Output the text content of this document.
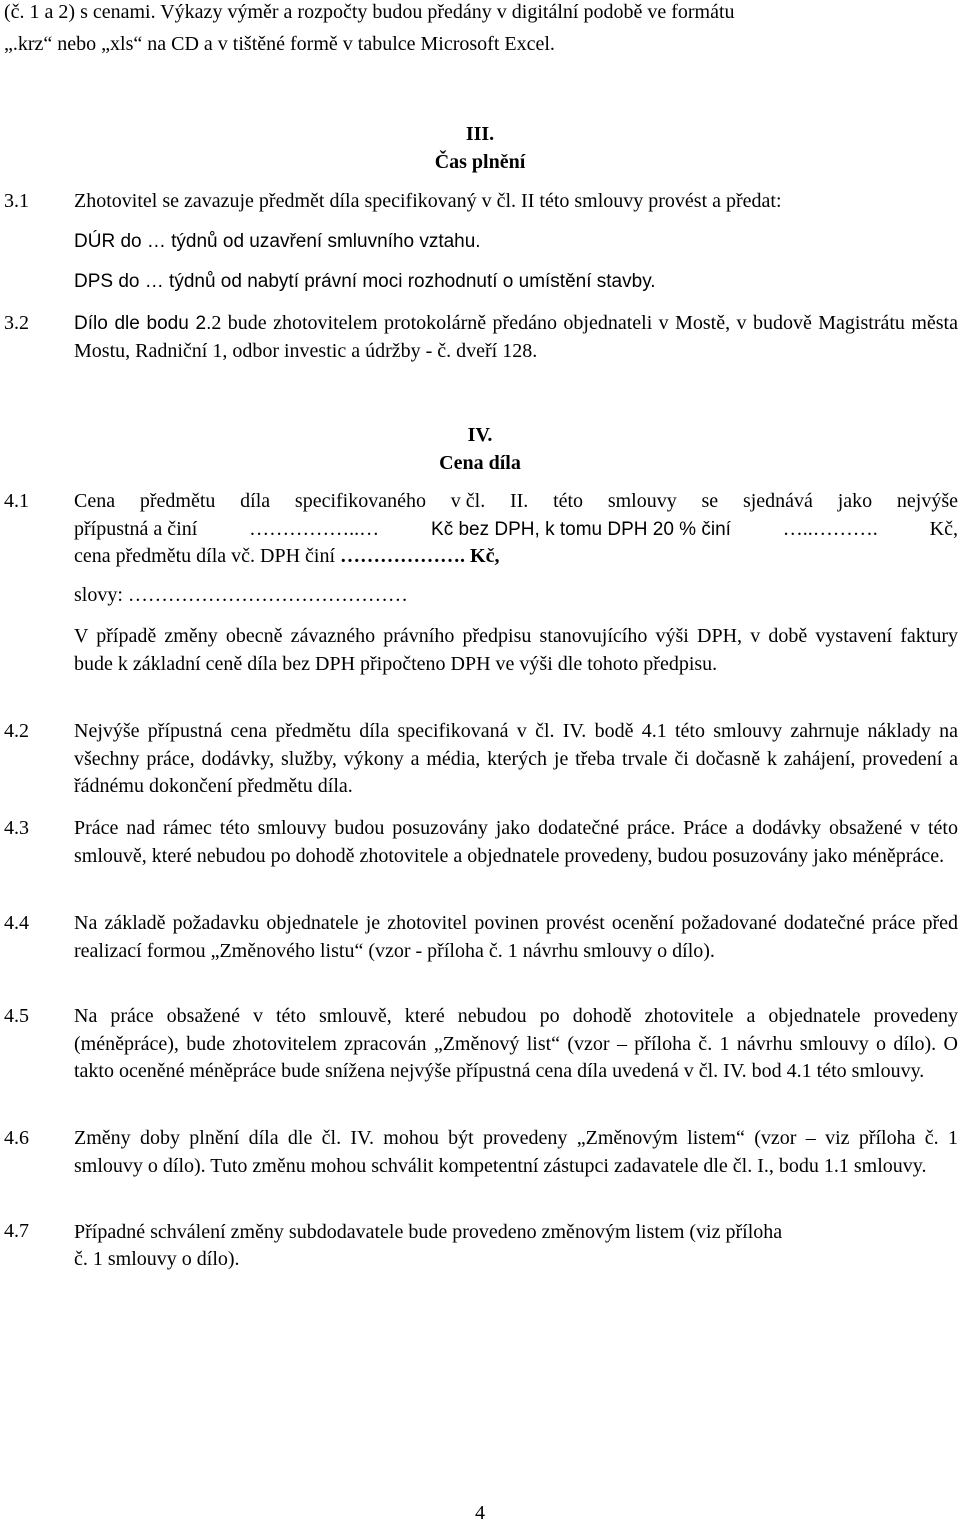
(č. 1 a 2) s cenami. Výkazy výměr a rozpočty budou předány v digitální podobě ve formátu
„.krz“ nebo „xls“ na CD a v tištěné formě v tabulce Microsoft Excel.
III.
Čas plnění
3.1 Zhotovitel se zavazuje předmět díla specifikovaný v čl. II této smlouvy provést a předat:
DÚR do … týdnů od uzavření smluvního vztahu.
DPS do … týdnů od nabytí právní moci rozhodnutí o umístění stavby.
3.2 Dílo dle bodu 2.2 bude zhotovitelem protokolárně předáno objednateli v Mostě, v budově Magistrátu města Mostu, Radniční 1, odbor investic a údržby - č. dveří 128.
IV.
Cena díla
4.1 Cena předmětu díla specifikovaného v čl. II. této smlouvy se sjednává jako nejvýše
přípustná a činí	……………..…	Kč bez DPH, k tomu DPH 20 % činí	…..……….	Kč,
cena předmětu díla vč. DPH činí ………………. Kč,
slovy: ……………………………………
V případě změny obecně závazného právního předpisu stanovujícího výši DPH, v době vystavení faktury bude k základní ceně díla bez DPH připočteno DPH ve výši dle tohoto předpisu.
4.2 Nejvýše přípustná cena předmětu díla specifikovaná v čl. IV. bodě 4.1 této smlouvy zahrnuje náklady na všechny práce, dodávky, služby, výkony a média, kterých je třeba trvale či dočasně k zahájení, provedení a řádnému dokončení předmětu díla.
4.3 Práce nad rámec této smlouvy budou posuzovány jako dodatečné práce. Práce a dodávky obsažené v této smlouvě, které nebudou po dohodě zhotovitele a objednatele provedeny, budou posuzovány jako méněpráce.
4.4 Na základě požadavku objednatele je zhotovitel povinen provést ocenění požadované dodatečné práce před realizací formou „Změnového listu“ (vzor - příloha č. 1 návrhu smlouvy o dílo).
4.5 Na práce obsažené v této smlouvě, které nebudou po dohodě zhotovitele a objednatele provedeny (méněpráce), bude zhotovitelem zpracován „Změnový list“ (vzor – příloha č. 1 návrhu smlouvy o dílo). O takto oceněné méněpráce bude snížena nejvýše přípustná cena díla uvedená v čl. IV. bod 4.1 této smlouvy.
4.6 Změny doby plnění díla dle čl. IV. mohou být provedeny „Změnovým listem“ (vzor – viz příloha č. 1 smlouvy o dílo). Tuto změnu mohou schválit kompetentní zástupci zadavatele dle čl. I., bodu 1.1 smlouvy.
4.7 Případné schválení změny subdodavatele bude provedeno změnovým listem (viz příloha
č. 1 smlouvy o dílo).
4
